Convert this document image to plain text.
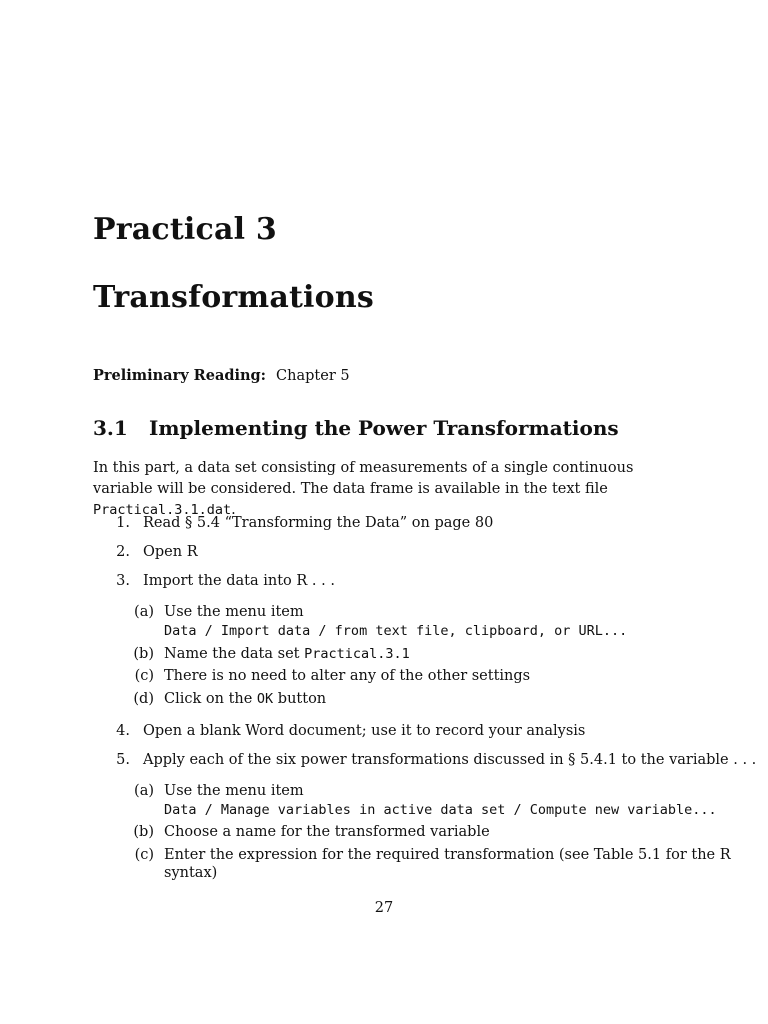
Practical 3
Transformations
Preliminary Reading: Chapter 5
3.1 Implementing the Power Transformations
In this part, a data set consisting of measurements of a single continuous variable will be considered. The data frame is available in the text file Practical.3.1.dat.
1. Read § 5.4 “Transforming the Data” on page 80
2. Open R
3. Import the data into R . . .
(a) Use the menu item
Data / Import data / from text file, clipboard, or URL...
(b) Name the data set Practical.3.1
(c) There is no need to alter any of the other settings
(d) Click on the OK button
4. Open a blank Word document; use it to record your analysis
5. Apply each of the six power transformations discussed in § 5.4.1 to the variable . . .
(a) Use the menu item
Data / Manage variables in active data set / Compute new variable...
(b) Choose a name for the transformed variable
(c) Enter the expression for the required transformation (see Table 5.1 for the R
syntax)
27
